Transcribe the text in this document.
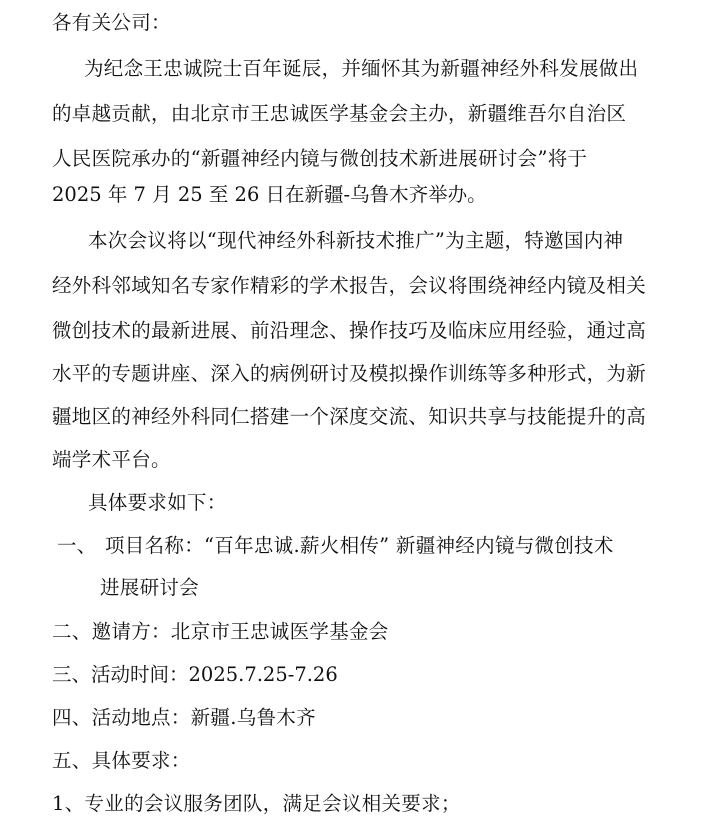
各有关公司：
为纪念王忠诚院士百年诞辰，并缅怀其为新疆神经外科发展做出
的卓越贡献，由北京市王忠诚医学基金会主办，新疆维吾尔自治区
人民医院承办的“新疆神经内镜与微创技术新进展研讨会”将于
2025 年 7 月 25 至 26 日在新疆-乌鲁木齐举办。
本次会议将以“现代神经外科新技术推广”为主题，特邀国内神
经外科邻域知名专家作精彩的学术报告，会议将围绕神经内镜及相关
微创技术的最新进展、前沿理念、操作技巧及临床应用经验，通过高
水平的专题讲座、深入的病例研讨及模拟操作训练等多种形式，为新
疆地区的神经外科同仁搭建一个深度交流、知识共享与技能提升的高
端学术平台。
具体要求如下：
一、 项目名称：“百年忠诚.薪火相传” 新疆神经内镜与微创技术
进展研讨会
二、邀请方：北京市王忠诚医学基金会
三、活动时间：2025.7.25-7.26
四、活动地点：新疆.乌鲁木齐
五、具体要求：
1、专业的会议服务团队，满足会议相关要求；
